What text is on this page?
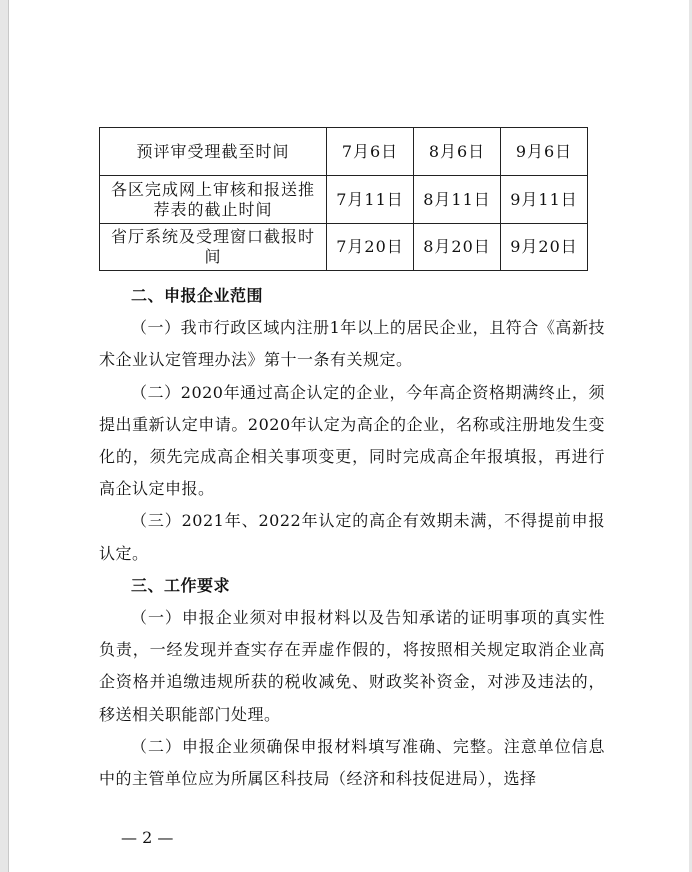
预评审受理截至时间	7月6日	8月6日	9月6日
各区完成网上审核和报送推荐表的截止时间	7月11日	8月11日	9月11日
省厅系统及受理窗口截报时间	7月20日	8月20日	9月20日
二、申报企业范围

（一）我市行政区域内注册1年以上的居民企业，且符合《高新技术企业认定管理办法》第十一条有关规定。

（二）2020年通过高企认定的企业，今年高企资格期满终止，须提出重新认定申请。2020年认定为高企的企业，名称或注册地发生变化的，须先完成高企相关事项变更，同时完成高企年报填报，再进行高企认定申报。

（三）2021年、2022年认定的高企有效期未满，不得提前申报认定。

三、工作要求

（一）申报企业须对申报材料以及告知承诺的证明事项的真实性负责，一经发现并查实存在弄虚作假的，将按照相关规定取消企业高企资格并追缴违规所获的税收减免、财政奖补资金，对涉及违法的，移送相关职能部门处理。

（二）申报企业须确保申报材料填写准确、完整。注意单位信息中的主管单位应为所属区科技局（经济和科技促进局），选择

— 2 —
